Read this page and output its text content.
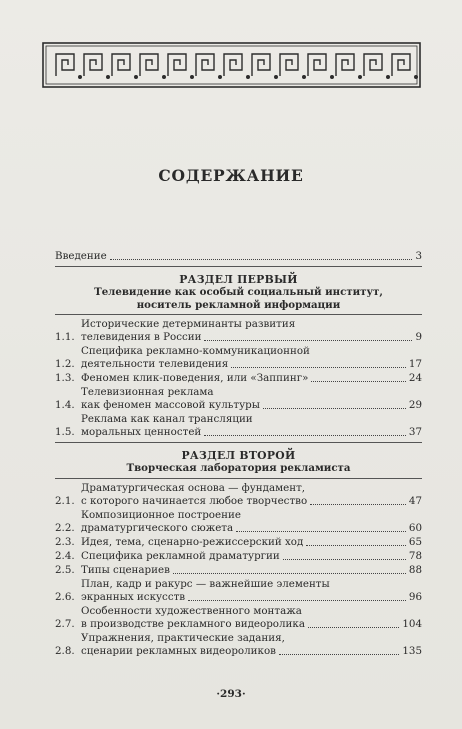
СОДЕРЖАНИЕ
Введение	3
РАЗДЕЛ ПЕРВЫЙ
Телевидение как особый социальный институт,
носитель рекламной информации
1.1.
Исторические детерминанты развития
телевидения в России	9
1.2.
Специфика рекламно-коммуникационной
деятельности телевидения	17
1.3. Феномен клик-поведения, или «Заппинг»	24
1.4.
Телевизионная реклама
как феномен массовой культуры	29
1.5.
Реклама как канал трансляции
моральных ценностей	37
РАЗДЕЛ ВТОРОЙ
Творческая лаборатория рекламиста
2.1.
Драматургическая основа — фундамент,
с которого начинается любое творчество	47
2.2.
Композиционное построение
драматургического сюжета	60
2.3. Идея, тема, сценарно-режиссерский ход	65
2.4. Специфика рекламной драматургии	78
2.5. Типы сценариев	88
2.6.
План, кадр и ракурс — важнейшие элементы
экранных искусств	96
2.7.
Особенности художественного монтажа
в производстве рекламного видеоролика	104
2.8.
Упражнения, практические задания,
сценарии рекламных видеороликов	135
·293·
